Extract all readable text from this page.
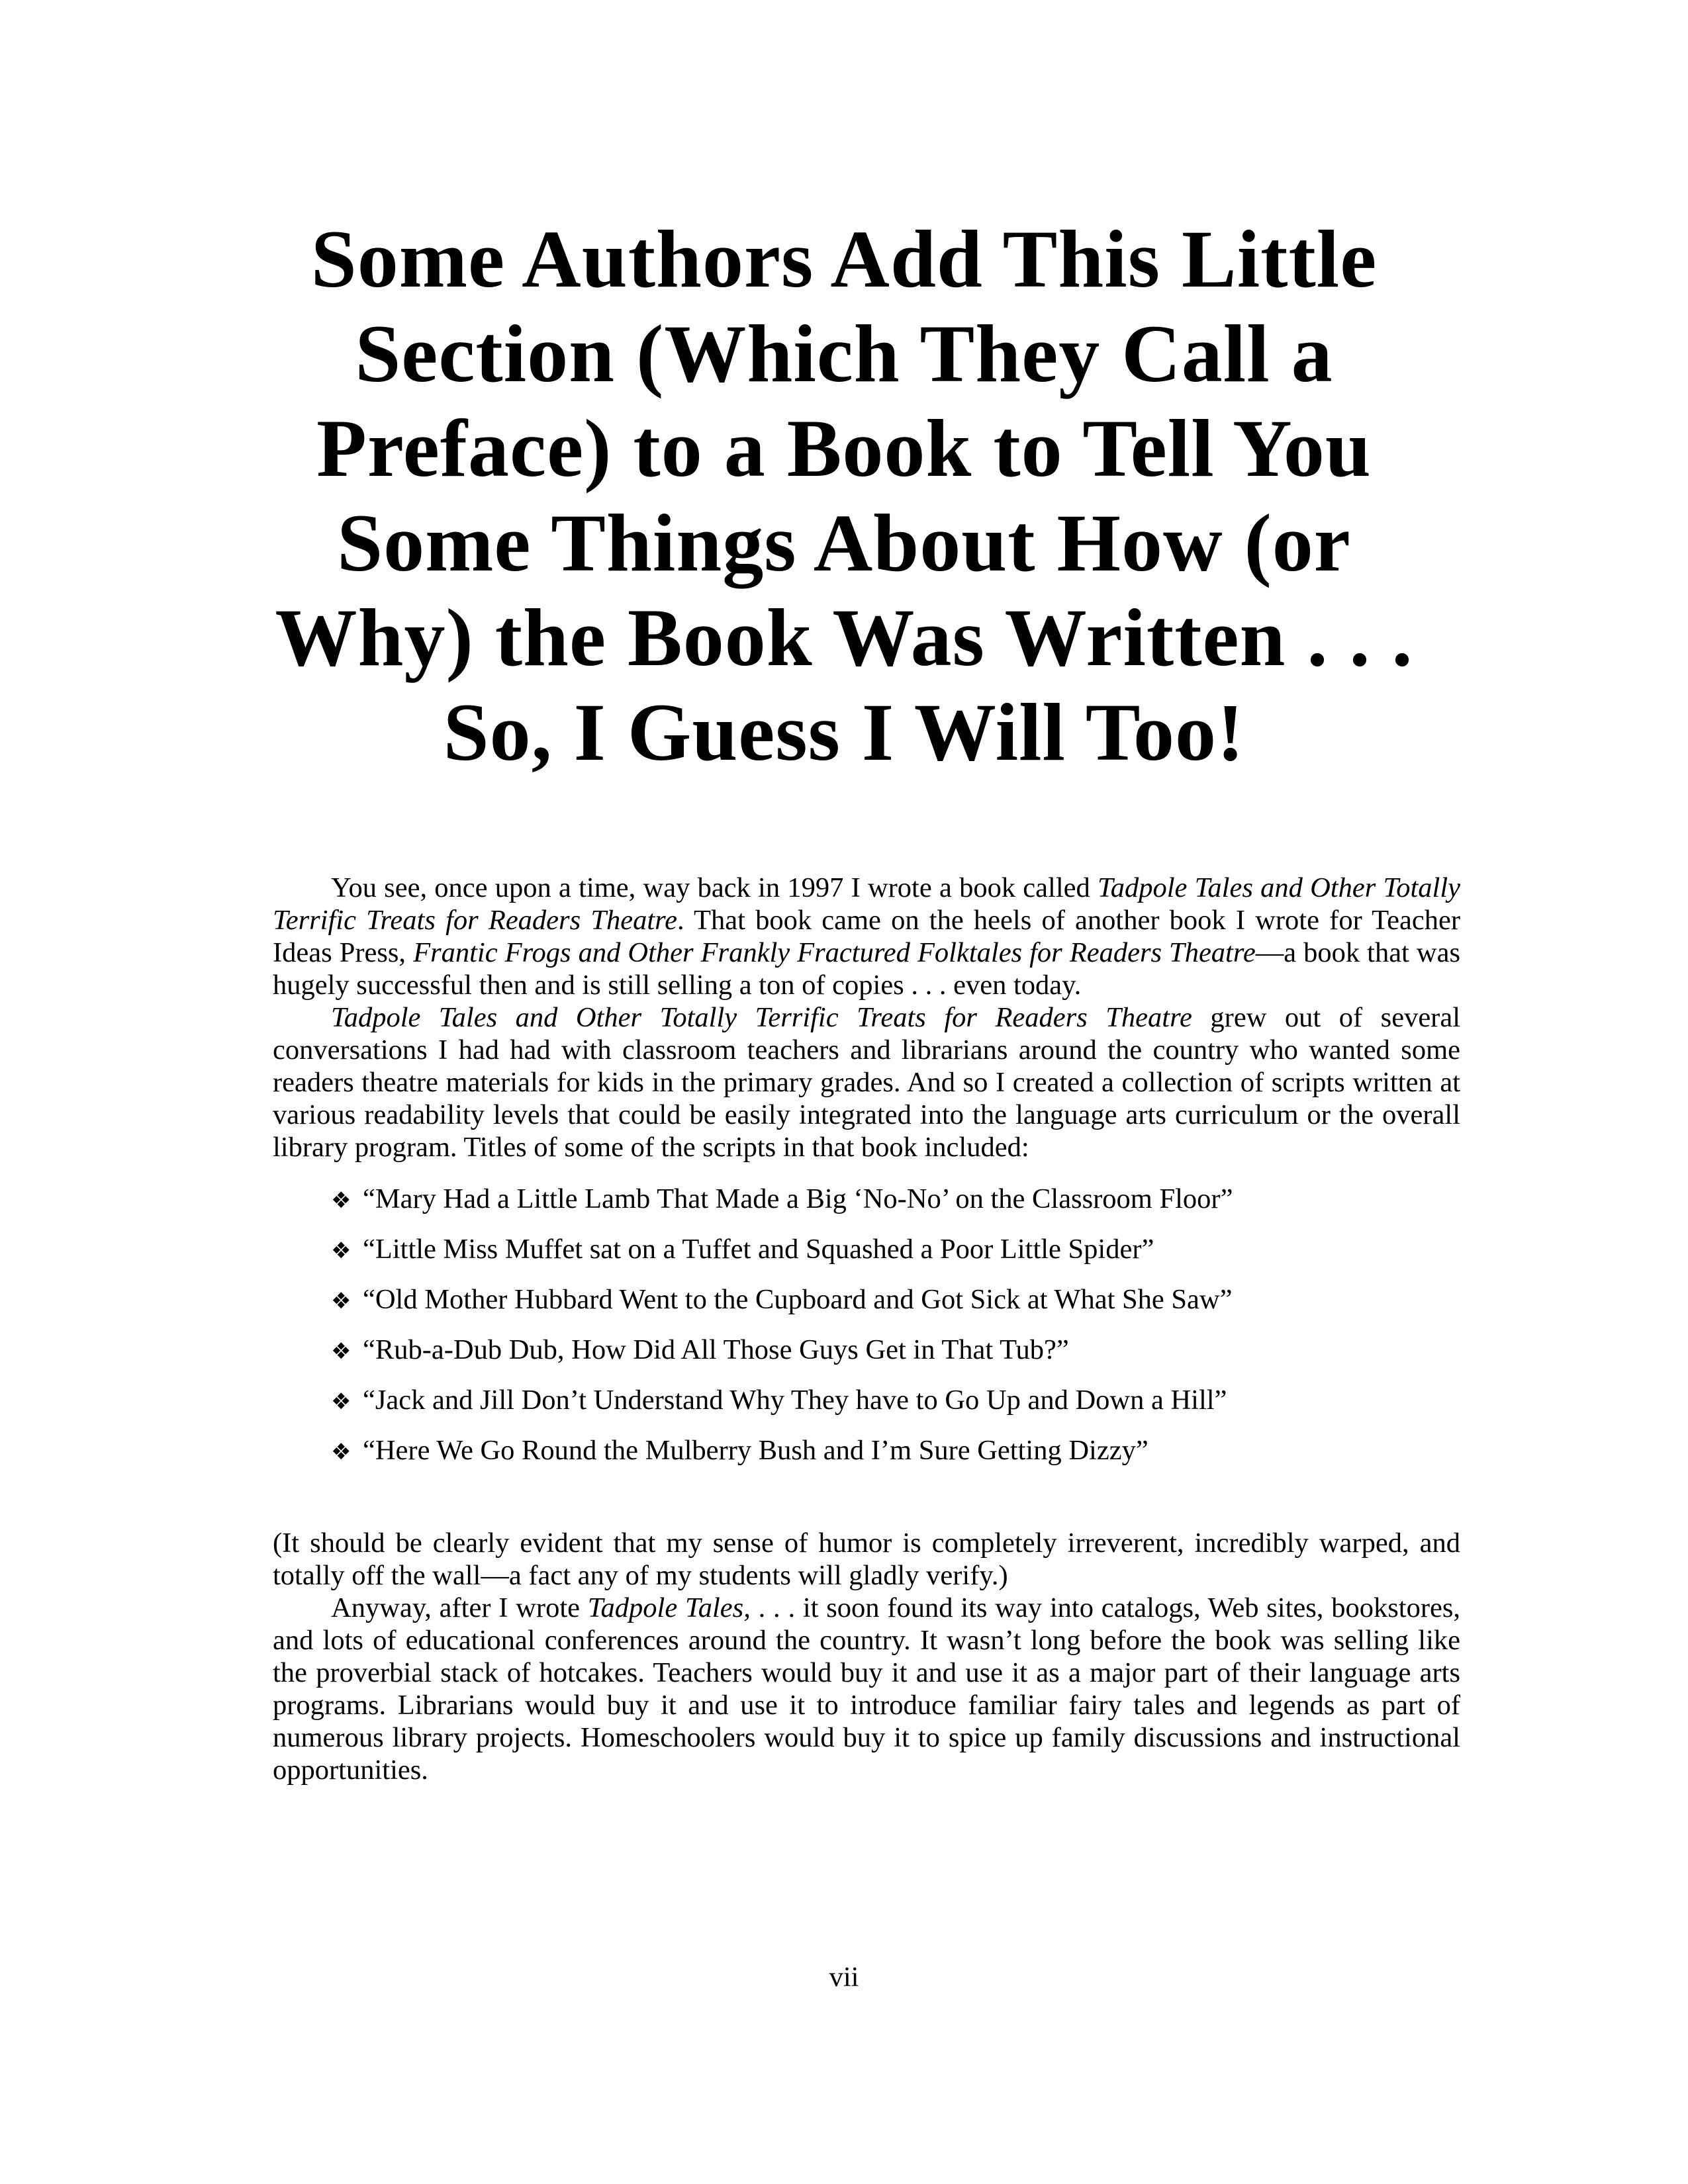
Some Authors Add This Little
Section (Which They Call a
Preface) to a Book to Tell You
Some Things About How (or
Why) the Book Was Written . . .
So, I Guess I Will Too!

You see, once upon a time, way back in 1997 I wrote a book called Tadpole Tales and Other Totally Terrific Treats for Readers Theatre. That book came on the heels of another book I wrote for Teacher Ideas Press, Frantic Frogs and Other Frankly Fractured Folktales for Readers Theatre—a book that was hugely successful then and is still selling a ton of copies . . . even today.

Tadpole Tales and Other Totally Terrific Treats for Readers Theatre grew out of several conversations I had had with classroom teachers and librarians around the country who wanted some readers theatre materials for kids in the primary grades. And so I created a collection of scripts written at various readability levels that could be easily integrated into the language arts curriculum or the overall library program. Titles of some of the scripts in that book included:

❖ “Mary Had a Little Lamb That Made a Big ‘No-No’ on the Classroom Floor”
❖ “Little Miss Muffet sat on a Tuffet and Squashed a Poor Little Spider”
❖ “Old Mother Hubbard Went to the Cupboard and Got Sick at What She Saw”
❖ “Rub-a-Dub Dub, How Did All Those Guys Get in That Tub?”
❖ “Jack and Jill Don’t Understand Why They have to Go Up and Down a Hill”
❖ “Here We Go Round the Mulberry Bush and I’m Sure Getting Dizzy”

(It should be clearly evident that my sense of humor is completely irreverent, incredibly warped, and totally off the wall—a fact any of my students will gladly verify.)

Anyway, after I wrote Tadpole Tales, . . . it soon found its way into catalogs, Web sites, bookstores, and lots of educational conferences around the country. It wasn’t long before the book was selling like the proverbial stack of hotcakes. Teachers would buy it and use it as a major part of their language arts programs. Librarians would buy it and use it to introduce familiar fairy tales and legends as part of numerous library projects. Homeschoolers would buy it to spice up family discussions and instructional opportunities.

vii
